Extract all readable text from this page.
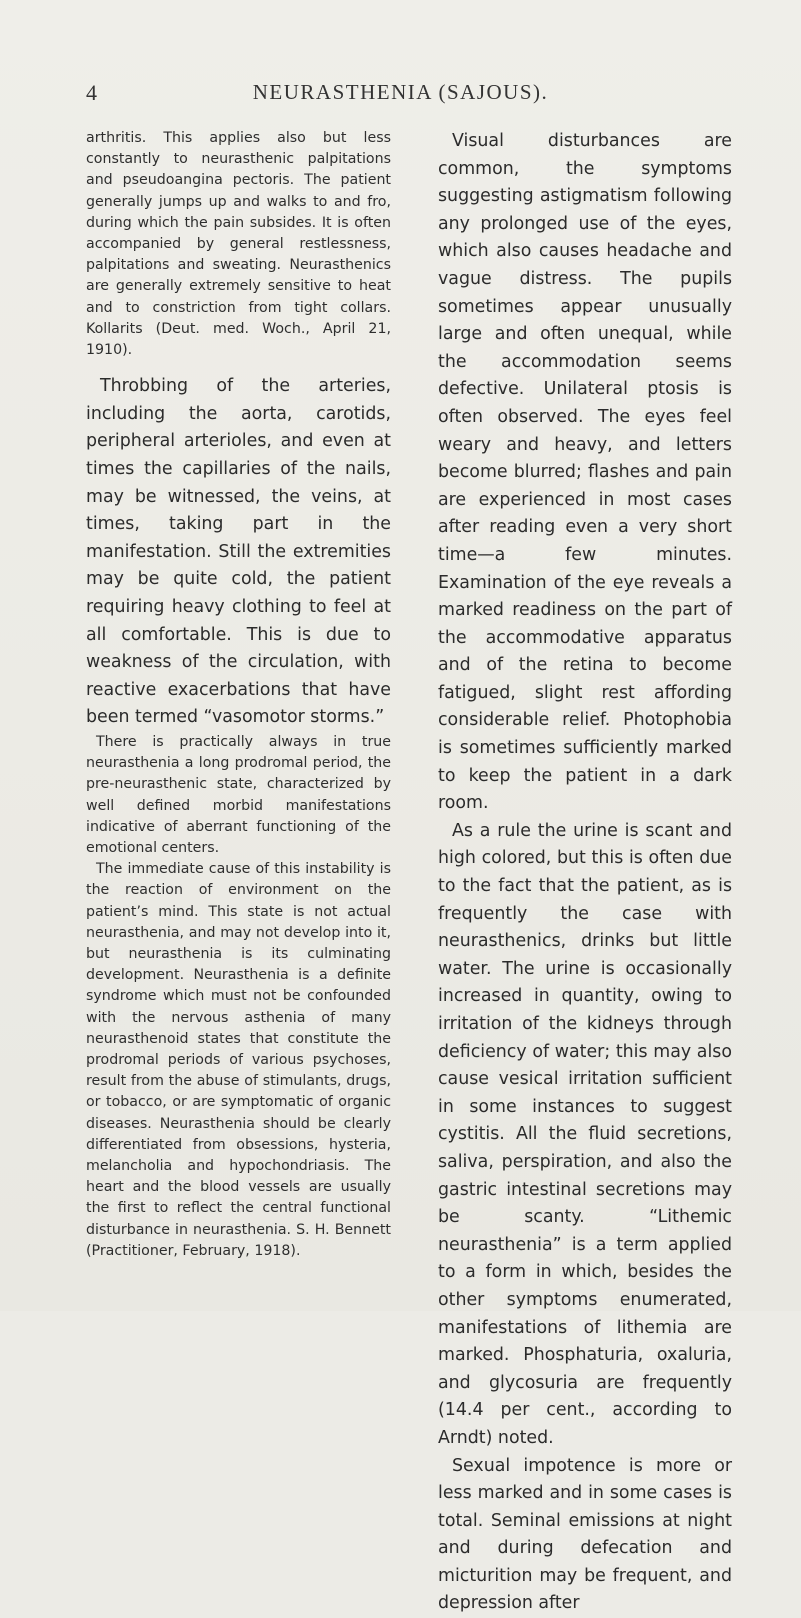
4	NEURASTHENIA (SAJOUS).

arthritis. This applies also but less constantly to neurasthenic palpitations and pseudoangina pectoris. The patient generally jumps up and walks to and fro, during which the pain subsides. It is often accompanied by general restlessness, palpitations and sweating. Neurasthenics are generally extremely sensitive to heat and to constriction from tight collars. Kollarits (Deut. med. Woch., April 21, 1910).

Throbbing of the arteries, including the aorta, carotids, peripheral arterioles, and even at times the capillaries of the nails, may be witnessed, the veins, at times, taking part in the manifestation. Still the extremities may be quite cold, the patient requiring heavy clothing to feel at all comfortable. This is due to weakness of the circulation, with reactive exacerbations that have been termed “vasomotor storms.”

There is practically always in true neurasthenia a long prodromal period, the pre-neurasthenic state, characterized by well defined morbid manifestations indicative of aberrant functioning of the emotional centers.

The immediate cause of this instability is the reaction of environment on the patient’s mind. This state is not actual neurasthenia, and may not develop into it, but neurasthenia is its culminating development. Neurasthenia is a definite syndrome which must not be confounded with the nervous asthenia of many neurasthenoid states that constitute the prodromal periods of various psychoses, result from the abuse of stimulants, drugs, or tobacco, or are symptomatic of organic diseases. Neurasthenia should be clearly differentiated from obsessions, hysteria, melancholia and hypochondriasis. The heart and the blood vessels are usually the first to reflect the central functional disturbance in neurasthenia. S. H. Bennett (Practitioner, February, 1918).

Visual disturbances are common, the symptoms suggesting astigmatism following any prolonged use of the eyes, which also causes headache and vague distress. The pupils sometimes appear unusually large and often unequal, while the accommodation seems defective. Unilateral ptosis is often observed. The eyes feel weary and heavy, and letters become blurred; flashes and pain are experienced in most cases after reading even a very short time—a few minutes. Examination of the eye reveals a marked readiness on the part of the accommodative apparatus and of the retina to become fatigued, slight rest affording considerable relief. Photophobia is sometimes sufficiently marked to keep the patient in a dark room.

As a rule the urine is scant and high colored, but this is often due to the fact that the patient, as is frequently the case with neurasthenics, drinks but little water. The urine is occasionally increased in quantity, owing to irritation of the kidneys through deficiency of water; this may also cause vesical irritation sufficient in some instances to suggest cystitis. All the fluid secretions, saliva, perspiration, and also the gastric intestinal secretions may be scanty. “Lithemic neurasthenia” is a term applied to a form in which, besides the other symptoms enumerated, manifestations of lithemia are marked. Phosphaturia, oxaluria, and glycosuria are frequently (14.4 per cent., according to Arndt) noted.

Sexual impotence is more or less marked and in some cases is total. Seminal emissions at night and during defecation and micturition may be frequent, and depression after
